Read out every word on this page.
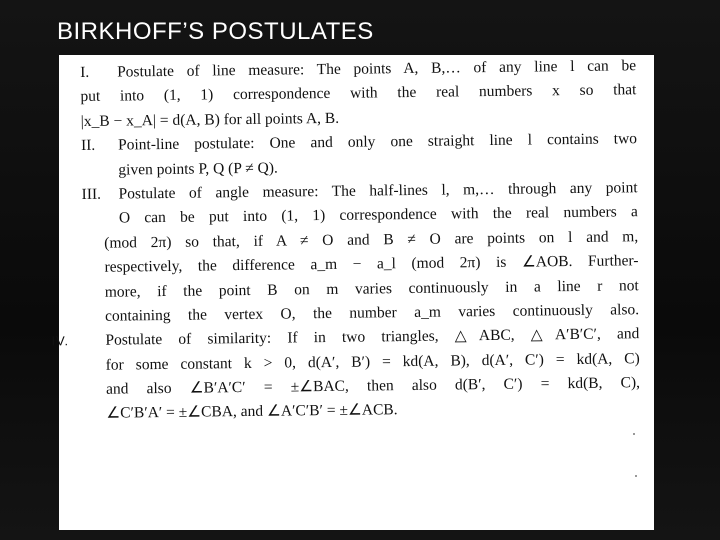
BIRKHOFF’S POSTULATES
I. Postulate of line measure: The points A, B,… of any line l can be
put into (1, 1) correspondence with the real numbers x so that
|x_B − x_A| = d(A, B) for all points A, B.
II. Point-line postulate: One and only one straight line l contains two
given points P, Q (P ≠ Q).
III. Postulate of angle measure: The half-lines l, m,… through any point
O can be put into (1, 1) correspondence with the real numbers a
(mod 2π) so that, if A ≠ O and B ≠ O are points on l and m,
respectively, the difference a_m − a_l (mod 2π) is ∠AOB. Further-
more, if the point B on m varies continuously in a line r not
containing the vertex O, the number a_m varies continuously also.
IV. Postulate of similarity: If in two triangles, △ABC, △A′B′C′, and
for some constant k > 0, d(A′, B′) = kd(A, B), d(A′, C′) = kd(A, C)
and also ∠B′A′C′ = ±∠BAC, then also d(B′, C′) = kd(B, C),
∠C′B′A′ = ±∠CBA, and ∠A′C′B′ = ±∠ACB.
